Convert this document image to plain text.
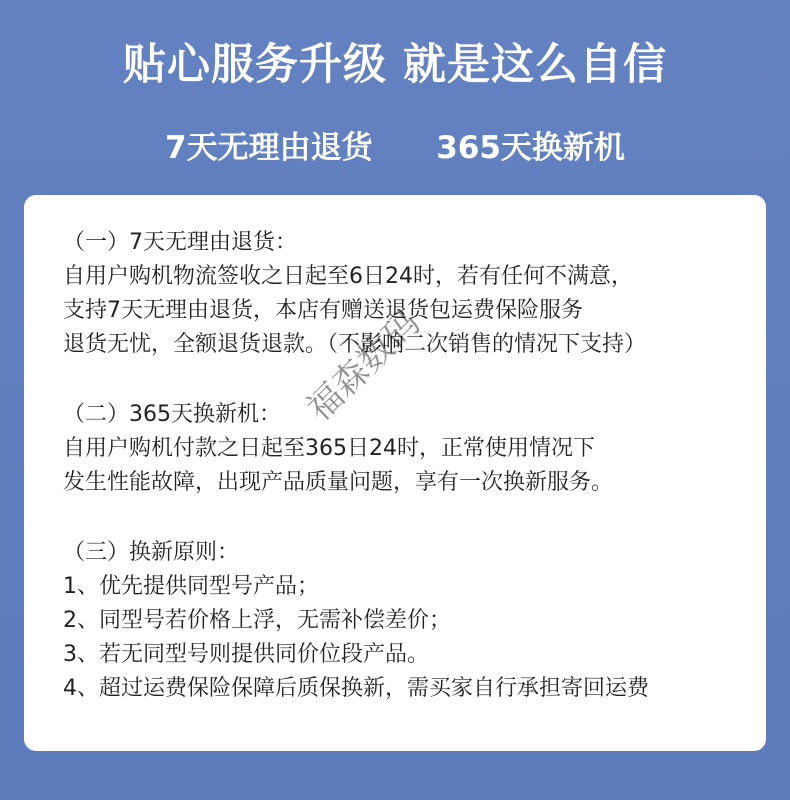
贴心服务升级 就是这么自信
7天无理由退货 365天换新机
（一）7天无理由退货：
自用户购机物流签收之日起至6日24时，若有任何不满意，
支持7天无理由退货，本店有赠送退货包运费保险服务
退货无忧，全额退货退款。（不影响二次销售的情况下支持）
（二）365天换新机：
自用户购机付款之日起至365日24时，正常使用情况下
发生性能故障，出现产品质量问题，享有一次换新服务。
（三）换新原则：
1、优先提供同型号产品；
2、同型号若价格上浮，无需补偿差价；
3、若无同型号则提供同价位段产品。
4、超过运费保险保障后质保换新，需买家自行承担寄回运费
福森数码
